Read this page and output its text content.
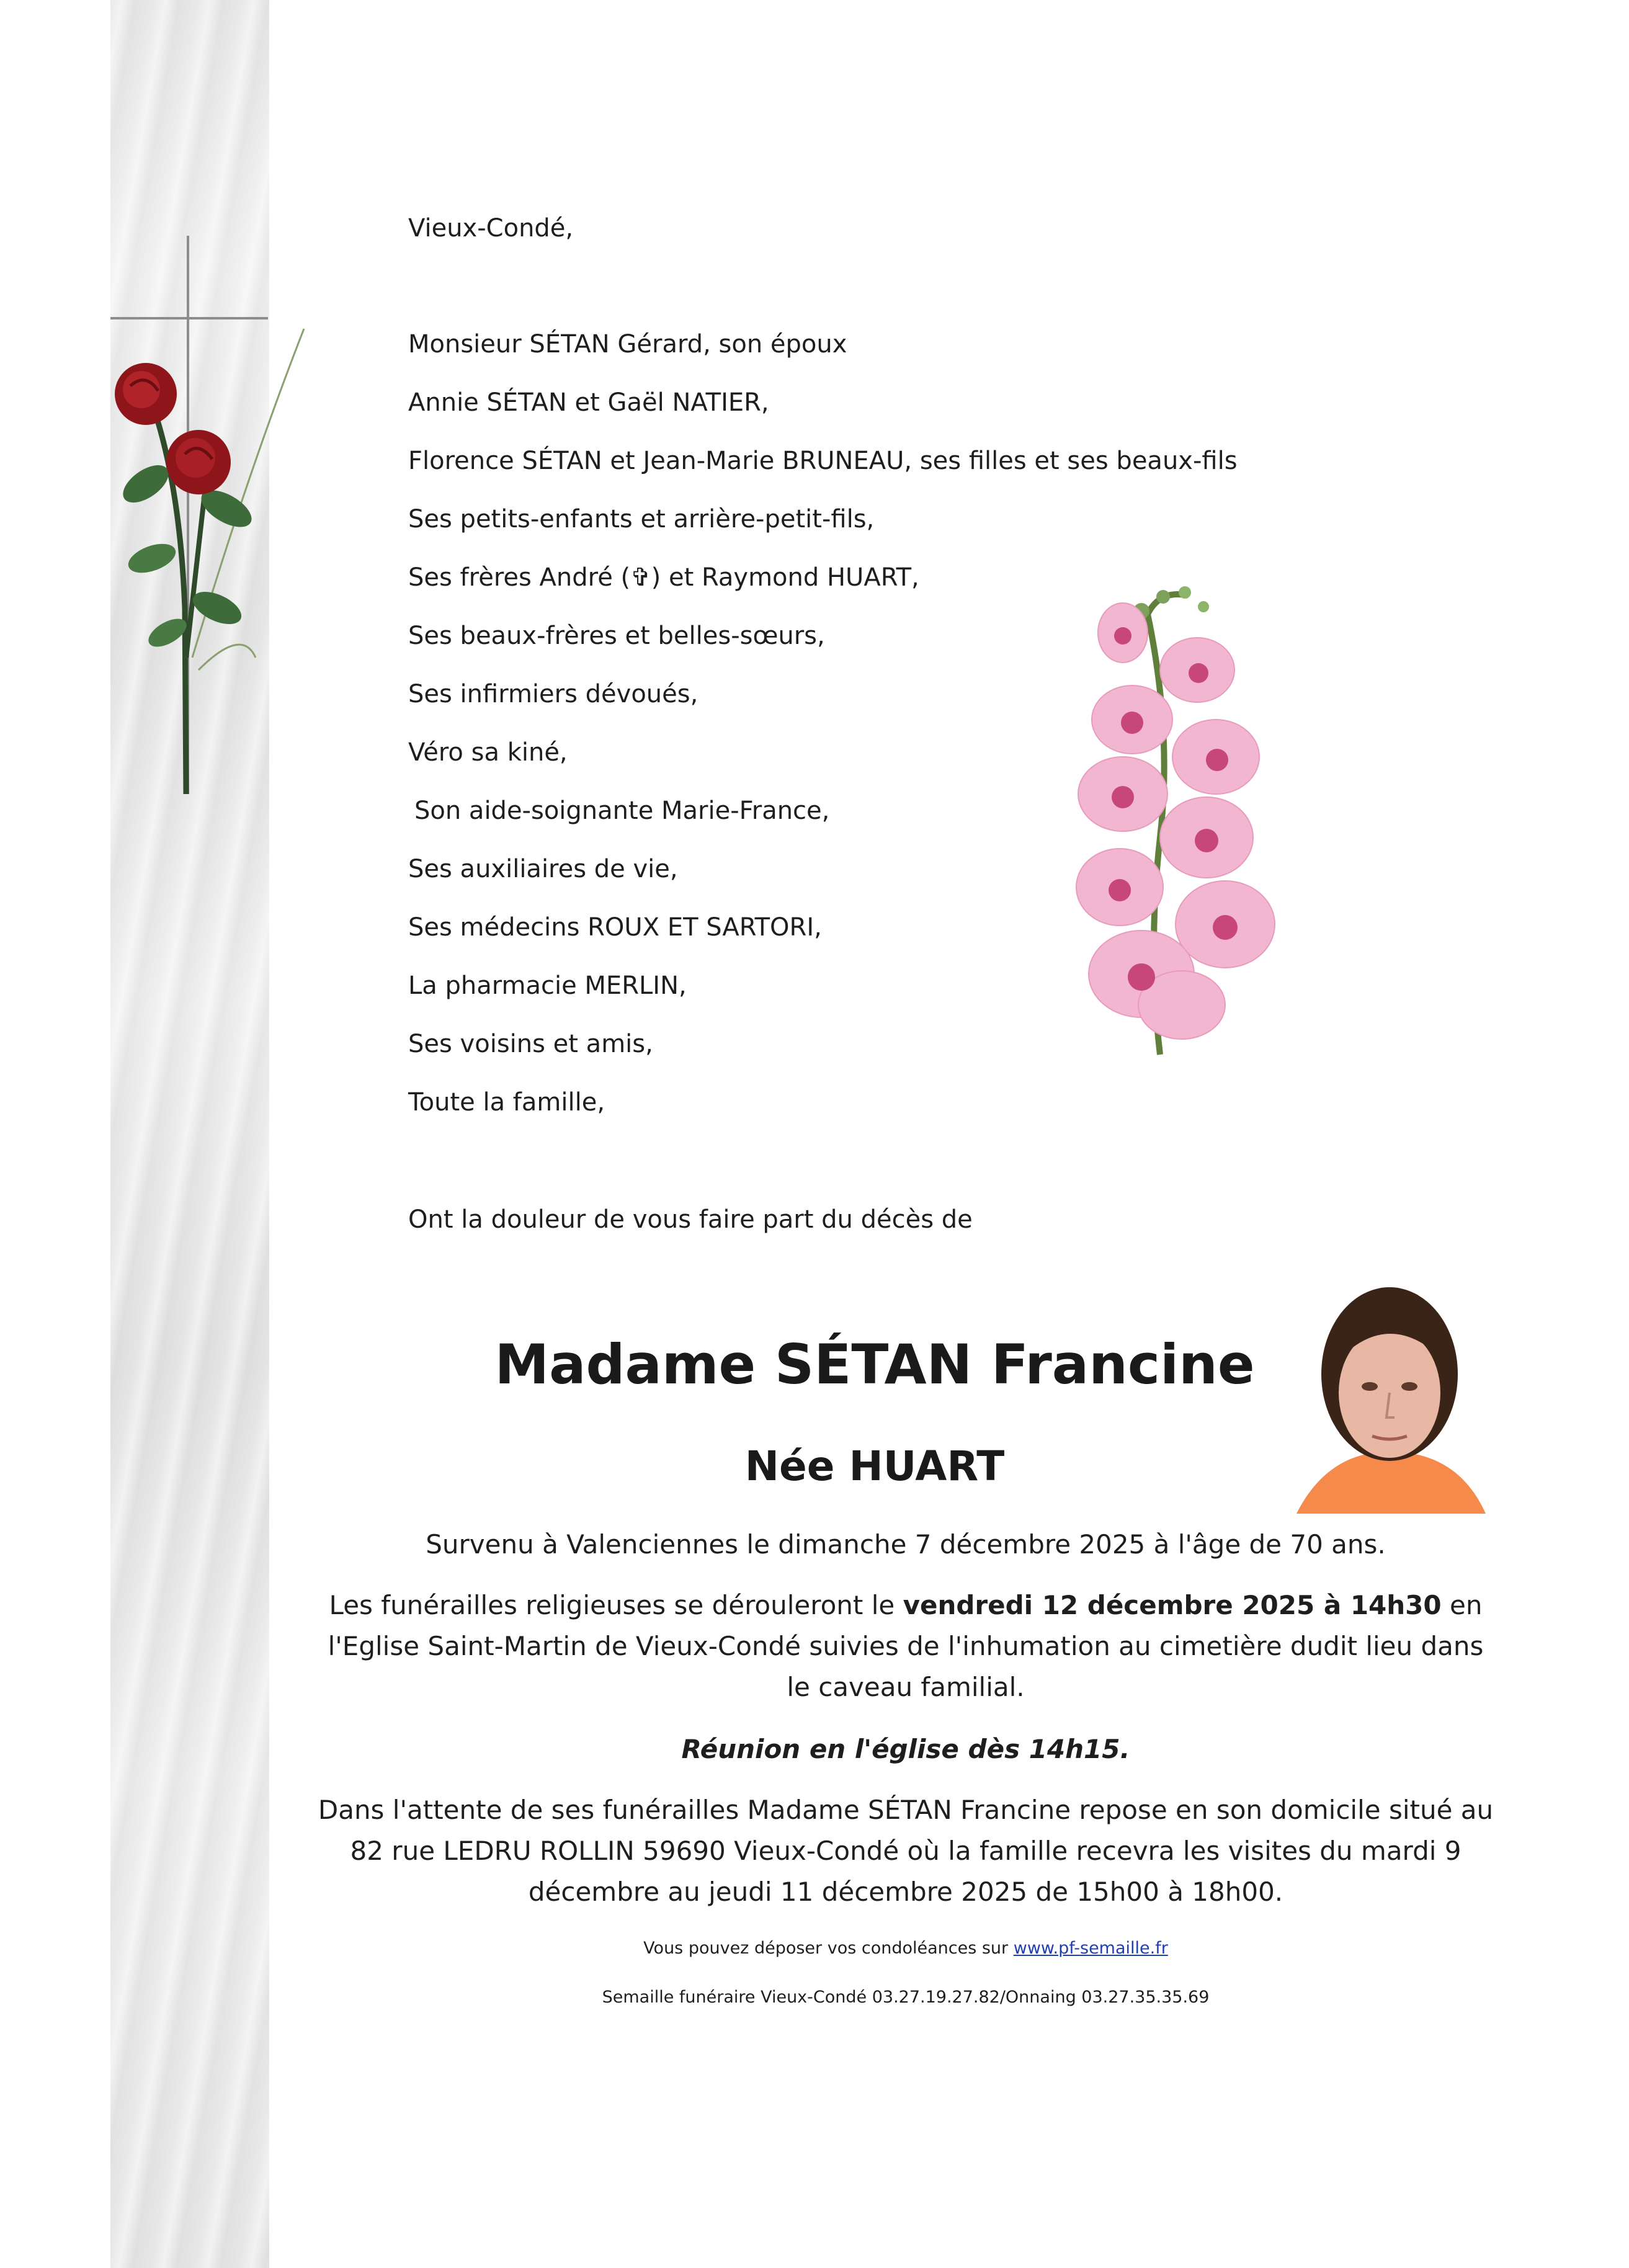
Vieux-Condé,

Monsieur SÉTAN Gérard, son époux

Annie SÉTAN et Gaël NATIER,

Florence SÉTAN et Jean-Marie BRUNEAU, ses filles et ses beaux-fils

Ses petits-enfants et arrière-petit-fils,

Ses frères André (✞) et Raymond HUART,

Ses beaux-frères et belles-sœurs,

Ses infirmiers dévoués,

Véro sa kiné,

Son aide-soignante Marie-France,

Ses auxiliaires de vie,

Ses médecins ROUX ET SARTORI,

La pharmacie MERLIN,

Ses voisins et amis,

Toute la famille,

Ont la douleur de vous faire part du décès de

Madame SÉTAN Francine

Née HUART

Survenu à Valenciennes le dimanche 7 décembre 2025 à l'âge de 70 ans.

Les funérailles religieuses se dérouleront le vendredi 12 décembre 2025 à 14h30 en l'Eglise Saint-Martin de Vieux-Condé suivies de l'inhumation au cimetière dudit lieu dans le caveau familial.

Réunion en l'église dès 14h15.

Dans l'attente de ses funérailles Madame SÉTAN Francine repose en son domicile situé au 82 rue LEDRU ROLLIN 59690 Vieux-Condé où la famille recevra les visites du mardi 9 décembre au jeudi 11 décembre 2025 de 15h00 à 18h00.

Vous pouvez déposer vos condoléances sur www.pf-semaille.fr

Semaille funéraire Vieux-Condé 03.27.19.27.82/Onnaing 03.27.35.35.69
